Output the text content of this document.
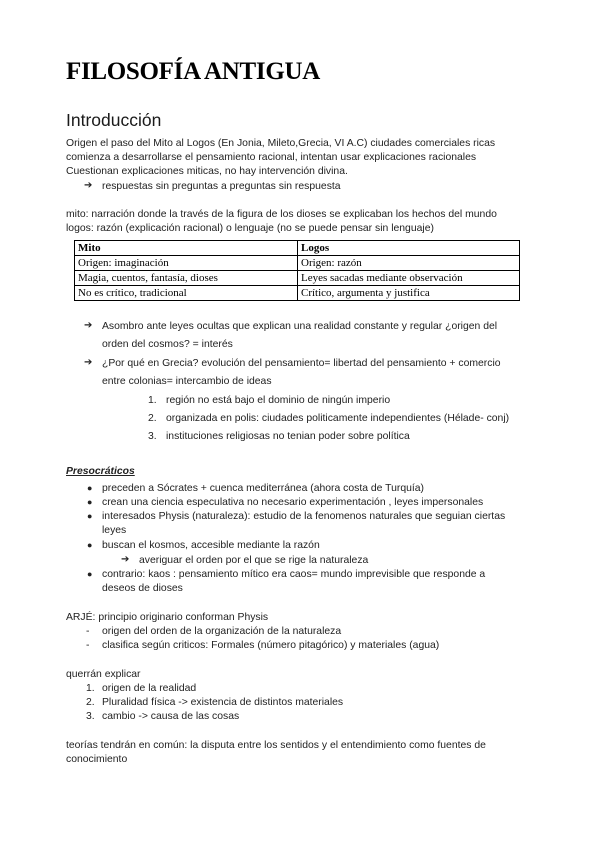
FILOSOFÍA ANTIGUA
Introducción
Origen el paso del Mito al Logos (En Jonia, Mileto,Grecia, VI A.C) ciudades comerciales ricas
comienza a desarrollarse el pensamiento racional, intentan usar explicaciones racionales
Cuestionan explicaciones miticas, no hay intervención divina.
➔ respuestas sin preguntas a preguntas sin respuesta
mito: narración donde la través de la figura de los dioses se explicaban los hechos del mundo
logos: razón (explicación racional) o lenguaje (no se puede pensar sin lenguaje)
Mito	Logos
Origen: imaginación	Origen: razón
Magia, cuentos, fantasía, dioses	Leyes sacadas mediante observación
No es crítico, tradicional	Crítico, argumenta y justifica
➔ Asombro ante leyes ocultas que explican una realidad constante y regular ¿origen del
orden del cosmos? = interés
➔ ¿Por qué en Grecia? evolución del pensamiento= libertad del pensamiento + comercio
entre colonias= intercambio de ideas
1. región no está bajo el dominio de ningún imperio
2. organizada en polis: ciudades politicamente independientes (Hélade- conj)
3. instituciones religiosas no tenian poder sobre política
Presocráticos
● preceden a Sócrates + cuenca mediterránea (ahora costa de Turquía)
● crean una ciencia especulativa no necesario experimentación , leyes impersonales
● interesados Physis (naturaleza): estudio de la fenomenos naturales que seguian ciertas
leyes
● buscan el kosmos, accesible mediante la razón
➔ averiguar el orden por el que se rige la naturaleza
● contrario: kaos : pensamiento mítico era caos= mundo imprevisible que responde a
deseos de dioses
ARJÉ: principio originario conforman Physis
- origen del orden de la organización de la naturaleza
- clasifica según criticos: Formales (número pitagórico) y materiales (agua)
querrán explicar
1. origen de la realidad
2. Pluralidad física -> existencia de distintos materiales
3. cambio -> causa de las cosas
teorías tendrán en común: la disputa entre los sentidos y el entendimiento como fuentes de
conocimiento
